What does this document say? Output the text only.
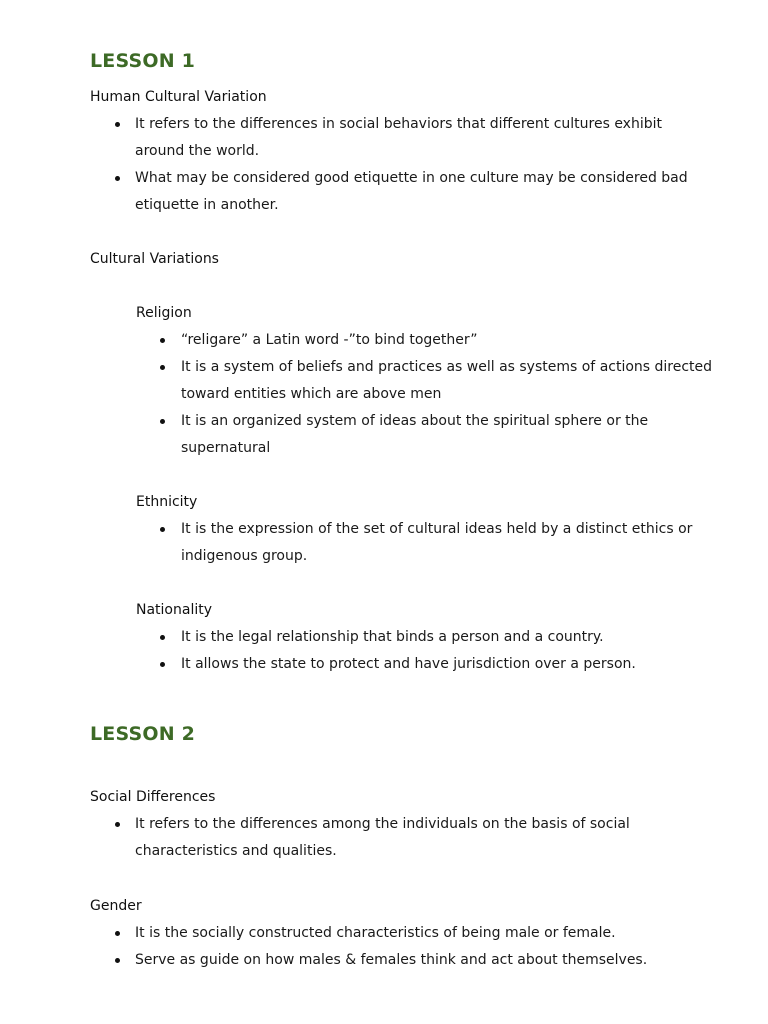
LESSON 1
Human Cultural Variation

It refers to the differences in social behaviors that different cultures exhibit around the world.

What may be considered good etiquette in one culture may be considered bad etiquette in another.

Cultural Variations
Religion

“religare” a Latin word -”to bind together”

It is a system of beliefs and practices as well as systems of actions directed toward entities which are above men

It is an organized system of ideas about the spiritual sphere or the supernatural

Ethnicity

It is the expression of the set of cultural ideas held by a distinct ethics or indigenous group.

Nationality

It is the legal relationship that binds a person and a country.

It allows the state to protect and have jurisdiction over a person.

LESSON 2
Social Differences

It refers to the differences among the individuals on the basis of social characteristics and qualities.

Gender

It is the socially constructed characteristics of being male or female.

Serve as guide on how males & females think and act about themselves.
